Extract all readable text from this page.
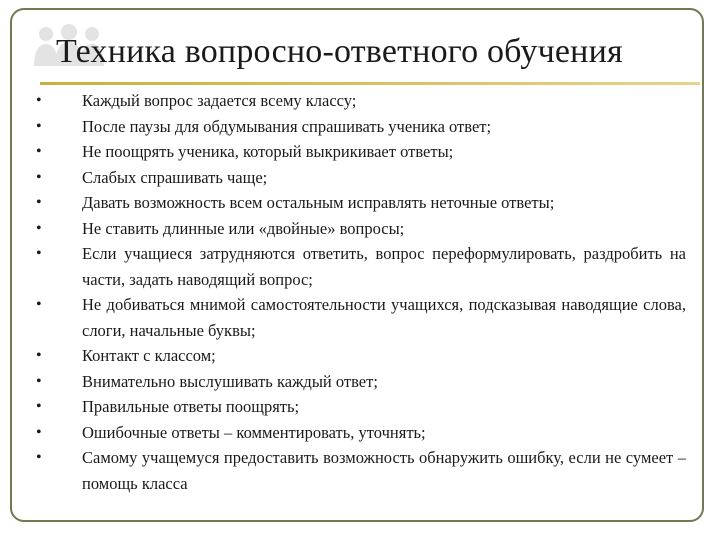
Техника вопросно-ответного обучения
•	Каждый вопрос задается всему классу;
•	После паузы для обдумывания спрашивать ученика ответ;
•	Не поощрять ученика, который выкрикивает ответы;
•	Слабых спрашивать чаще;
•	Давать возможность всем остальным исправлять неточные ответы;
•	Не ставить длинные или «двойные» вопросы;
•	Если учащиеся затрудняются ответить, вопрос переформулировать, раздробить на части, задать наводящий вопрос;
•	Не добиваться мнимой самостоятельности учащихся, подсказывая наводящие слова, слоги, начальные буквы;
•	Контакт с классом;
•	Внимательно выслушивать каждый ответ;
•	Правильные ответы поощрять;
•	Ошибочные ответы – комментировать, уточнять;
•	Самому учащемуся предоставить возможность обнаружить ошибку, если не сумеет – помощь класса
